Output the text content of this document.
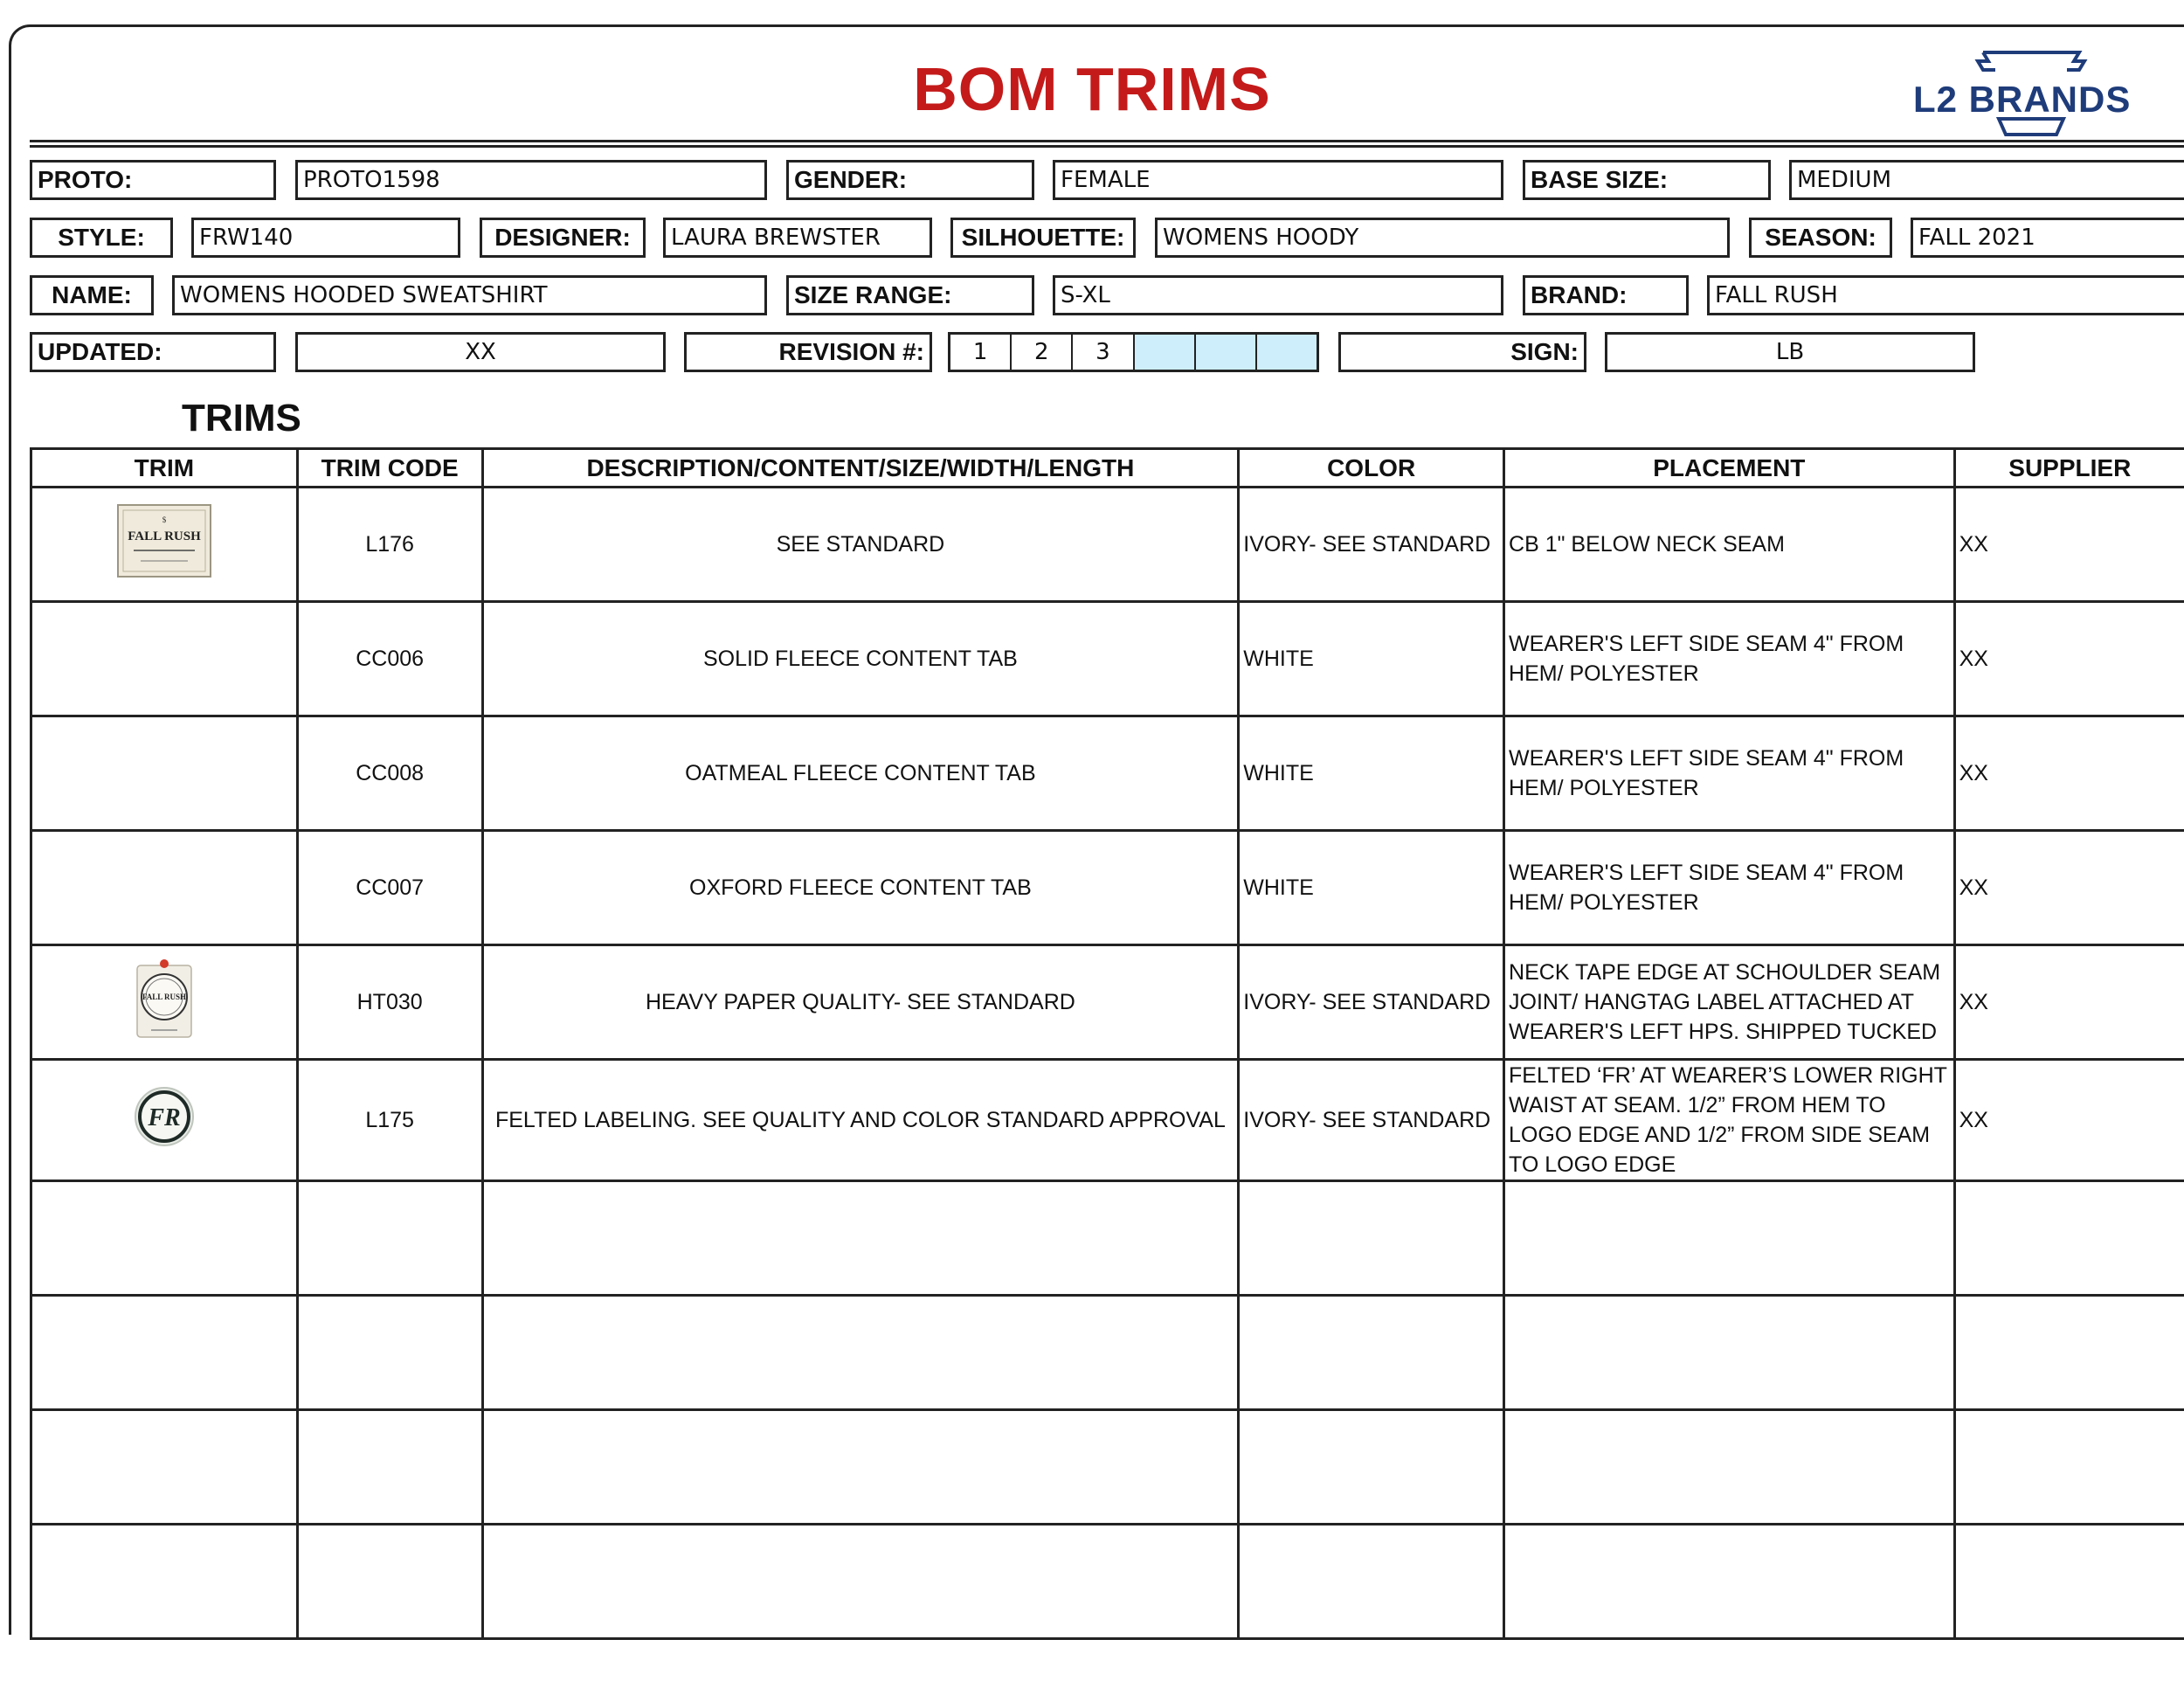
BOM TRIMS	L2 BRANDS
PROTO:	PROTO1598	GENDER:	FEMALE	BASE SIZE:	MEDIUM
STYLE:	FRW140	DESIGNER:	LAURA BREWSTER	SILHOUETTE:	WOMENS HOODY	SEASON:	FALL 2021
NAME:	WOMENS HOODED SWEATSHIRT	SIZE RANGE:	S-XL	BRAND:	FALL RUSH
UPDATED:	XX	REVISION #:	1	2	3	SIGN:	LB
TRIMS
TRIM	TRIM CODE	DESCRIPTION/CONTENT/SIZE/WIDTH/LENGTH	COLOR	PLACEMENT	SUPPLIER

$
FALL RUSH	L176	SEE STANDARD	IVORY- SEE STANDARD	CB 1" BELOW NECK SEAM	XX
	CC006	SOLID FLEECE CONTENT TAB	WHITE	WEARER'S LEFT SIDE SEAM 4" FROM HEM/ POLYESTER	XX
	CC008	OATMEAL FLEECE CONTENT TAB	WHITE	WEARER'S LEFT SIDE SEAM 4" FROM HEM/ POLYESTER	XX
	CC007	OXFORD FLEECE CONTENT TAB	WHITE	WEARER'S LEFT SIDE SEAM 4" FROM HEM/ POLYESTER	XX

FALL RUSH	HT030	HEAVY PAPER QUALITY- SEE STANDARD	IVORY- SEE STANDARD	NECK TAPE EDGE AT SCHOULDER SEAM JOINT/ HANGTAG LABEL ATTACHED AT WEARER'S LEFT HPS. SHIPPED TUCKED	XX

FR	L175	FELTED LABELING. SEE QUALITY AND COLOR STANDARD APPROVAL	IVORY- SEE STANDARD	FELTED ‘FR’ AT WEARER’S LOWER RIGHT WAIST AT SEAM. 1/2” FROM HEM TO LOGO EDGE AND 1/2” FROM SIDE SEAM TO LOGO EDGE	XX
